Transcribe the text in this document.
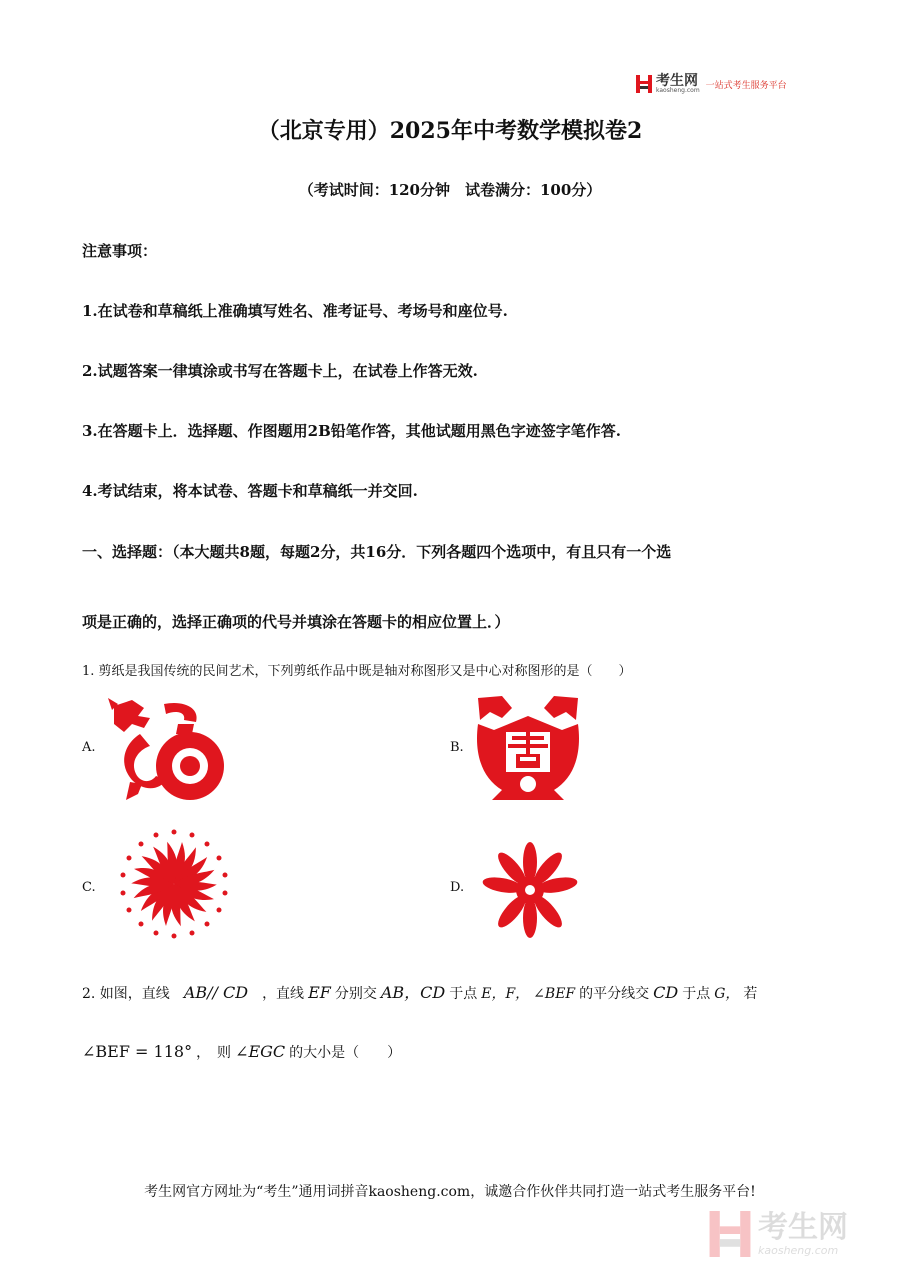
考生网
kaosheng.com 一站式考生服务平台
（北京专用）2025年中考数学模拟卷2
（考试时间：120分钟　试卷满分：100分）
注意事项：
1.在试卷和草稿纸上准确填写姓名、准考证号、考场号和座位号.
2.试题答案一律填涂或书写在答题卡上，在试卷上作答无效.
3.在答题卡上．选择题、作图题用2B铅笔作答，其他试题用黑色字迹签字笔作答.
4.考试结束，将本试卷、答题卡和草稿纸一并交回.
一、选择题：（本大题共8题，每题2分，共16分．下列各题四个选项中，有且只有一个选
项是正确的，选择正确项的代号并填涂在答题卡的相应位置上．）
1. 剪纸是我国传统的民间艺术，下列剪纸作品中既是轴对称图形又是中心对称图形的是（　　）
A.	B.
C.	D.
2. 如图，直线 AB// CD ，直线 EF 分别交 AB，CD 于点 E，F， ∠BEF 的平分线交 CD 于点 G， 若
∠BEF = 118° ，　则 ∠EGC 的大小是（　　）
考生网官方网址为“考生”通用词拼音kaosheng.com，诚邀合作伙伴共同打造一站式考生服务平台!
考生网
kaosheng.com
